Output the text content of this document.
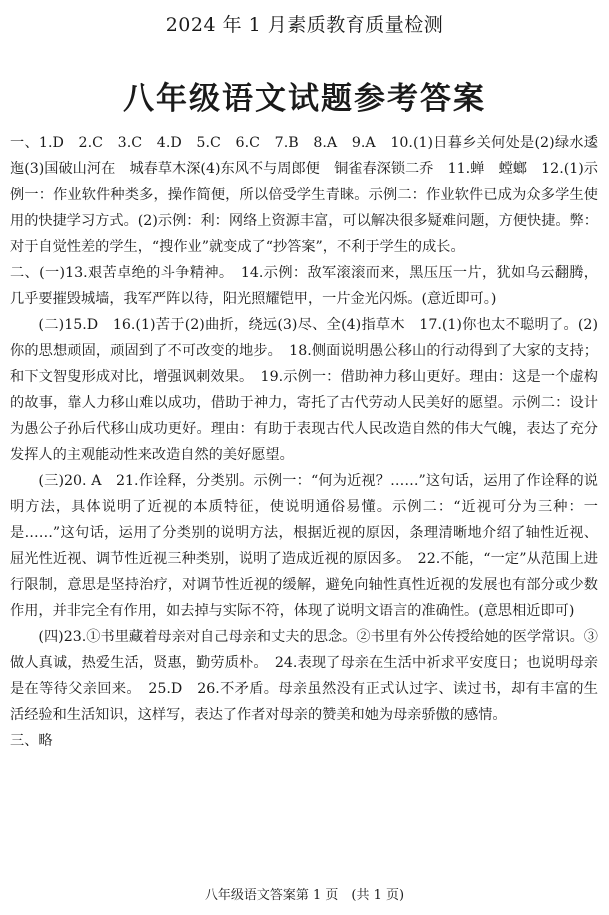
2024 年 1 月素质教育质量检测
八年级语文试题参考答案

一、1.D　2.C　3.C　4.D　5.C　6.C　7.B　8.A　9.A　10.(1)日暮乡关何处是(2)绿水逶迤(3)国破山河在　城春草木深(4)东风不与周郎便　铜雀春深锁二乔　11.蝉　螳螂　12.(1)示例一：作业软件种类多，操作简便，所以倍受学生青睐。示例二：作业软件已成为众多学生使用的快捷学习方式。(2)示例：利：网络上资源丰富，可以解决很多疑难问题，方便快捷。弊：对于自觉性差的学生，“搜作业”就变成了“抄答案”，不利于学生的成长。

二、(一)13.艰苦卓绝的斗争精神。　14.示例：敌军滚滚而来，黑压压一片，犹如乌云翻腾，几乎要摧毁城墙，我军严阵以待，阳光照耀铠甲，一片金光闪烁。(意近即可。)

(二)15.D　16.(1)苦于(2)曲折，绕远(3)尽、全(4)指草木　17.(1)你也太不聪明了。(2)你的思想顽固，顽固到了不可改变的地步。　18.侧面说明愚公移山的行动得到了大家的支持；和下文智叟形成对比，增强讽刺效果。　19.示例一：借助神力移山更好。理由：这是一个虚构的故事，靠人力移山难以成功，借助于神力，寄托了古代劳动人民美好的愿望。示例二：设计为愚公子孙后代移山成功更好。理由：有助于表现古代人民改造自然的伟大气魄，表达了充分发挥人的主观能动性来改造自然的美好愿望。

(三)20. A　21.作诠释，分类别。示例一：“何为近视？……”这句话，运用了作诠释的说明方法，具体说明了近视的本质特征，使说明通俗易懂。示例二：“近视可分为三种：一是……”这句话，运用了分类别的说明方法，根据近视的原因，条理清晰地介绍了轴性近视、屈光性近视、调节性近视三种类别，说明了造成近视的原因多。　22.不能，“一定”从范围上进行限制，意思是坚持治疗，对调节性近视的缓解，避免向轴性真性近视的发展也有部分或少数作用，并非完全有作用，如去掉与实际不符，体现了说明文语言的准确性。(意思相近即可)

(四)23.①书里藏着母亲对自己母亲和丈夫的思念。②书里有外公传授给她的医学常识。③做人真诚，热爱生活，贤惠，勤劳质朴。　24.表现了母亲在生活中祈求平安度日；也说明母亲是在等待父亲回来。　25.D　26.不矛盾。母亲虽然没有正式认过字、读过书，却有丰富的生活经验和生活知识，这样写，表达了作者对母亲的赞美和她为母亲骄傲的感情。

三、略

八年级语文答案第 1 页　(共 1 页)
